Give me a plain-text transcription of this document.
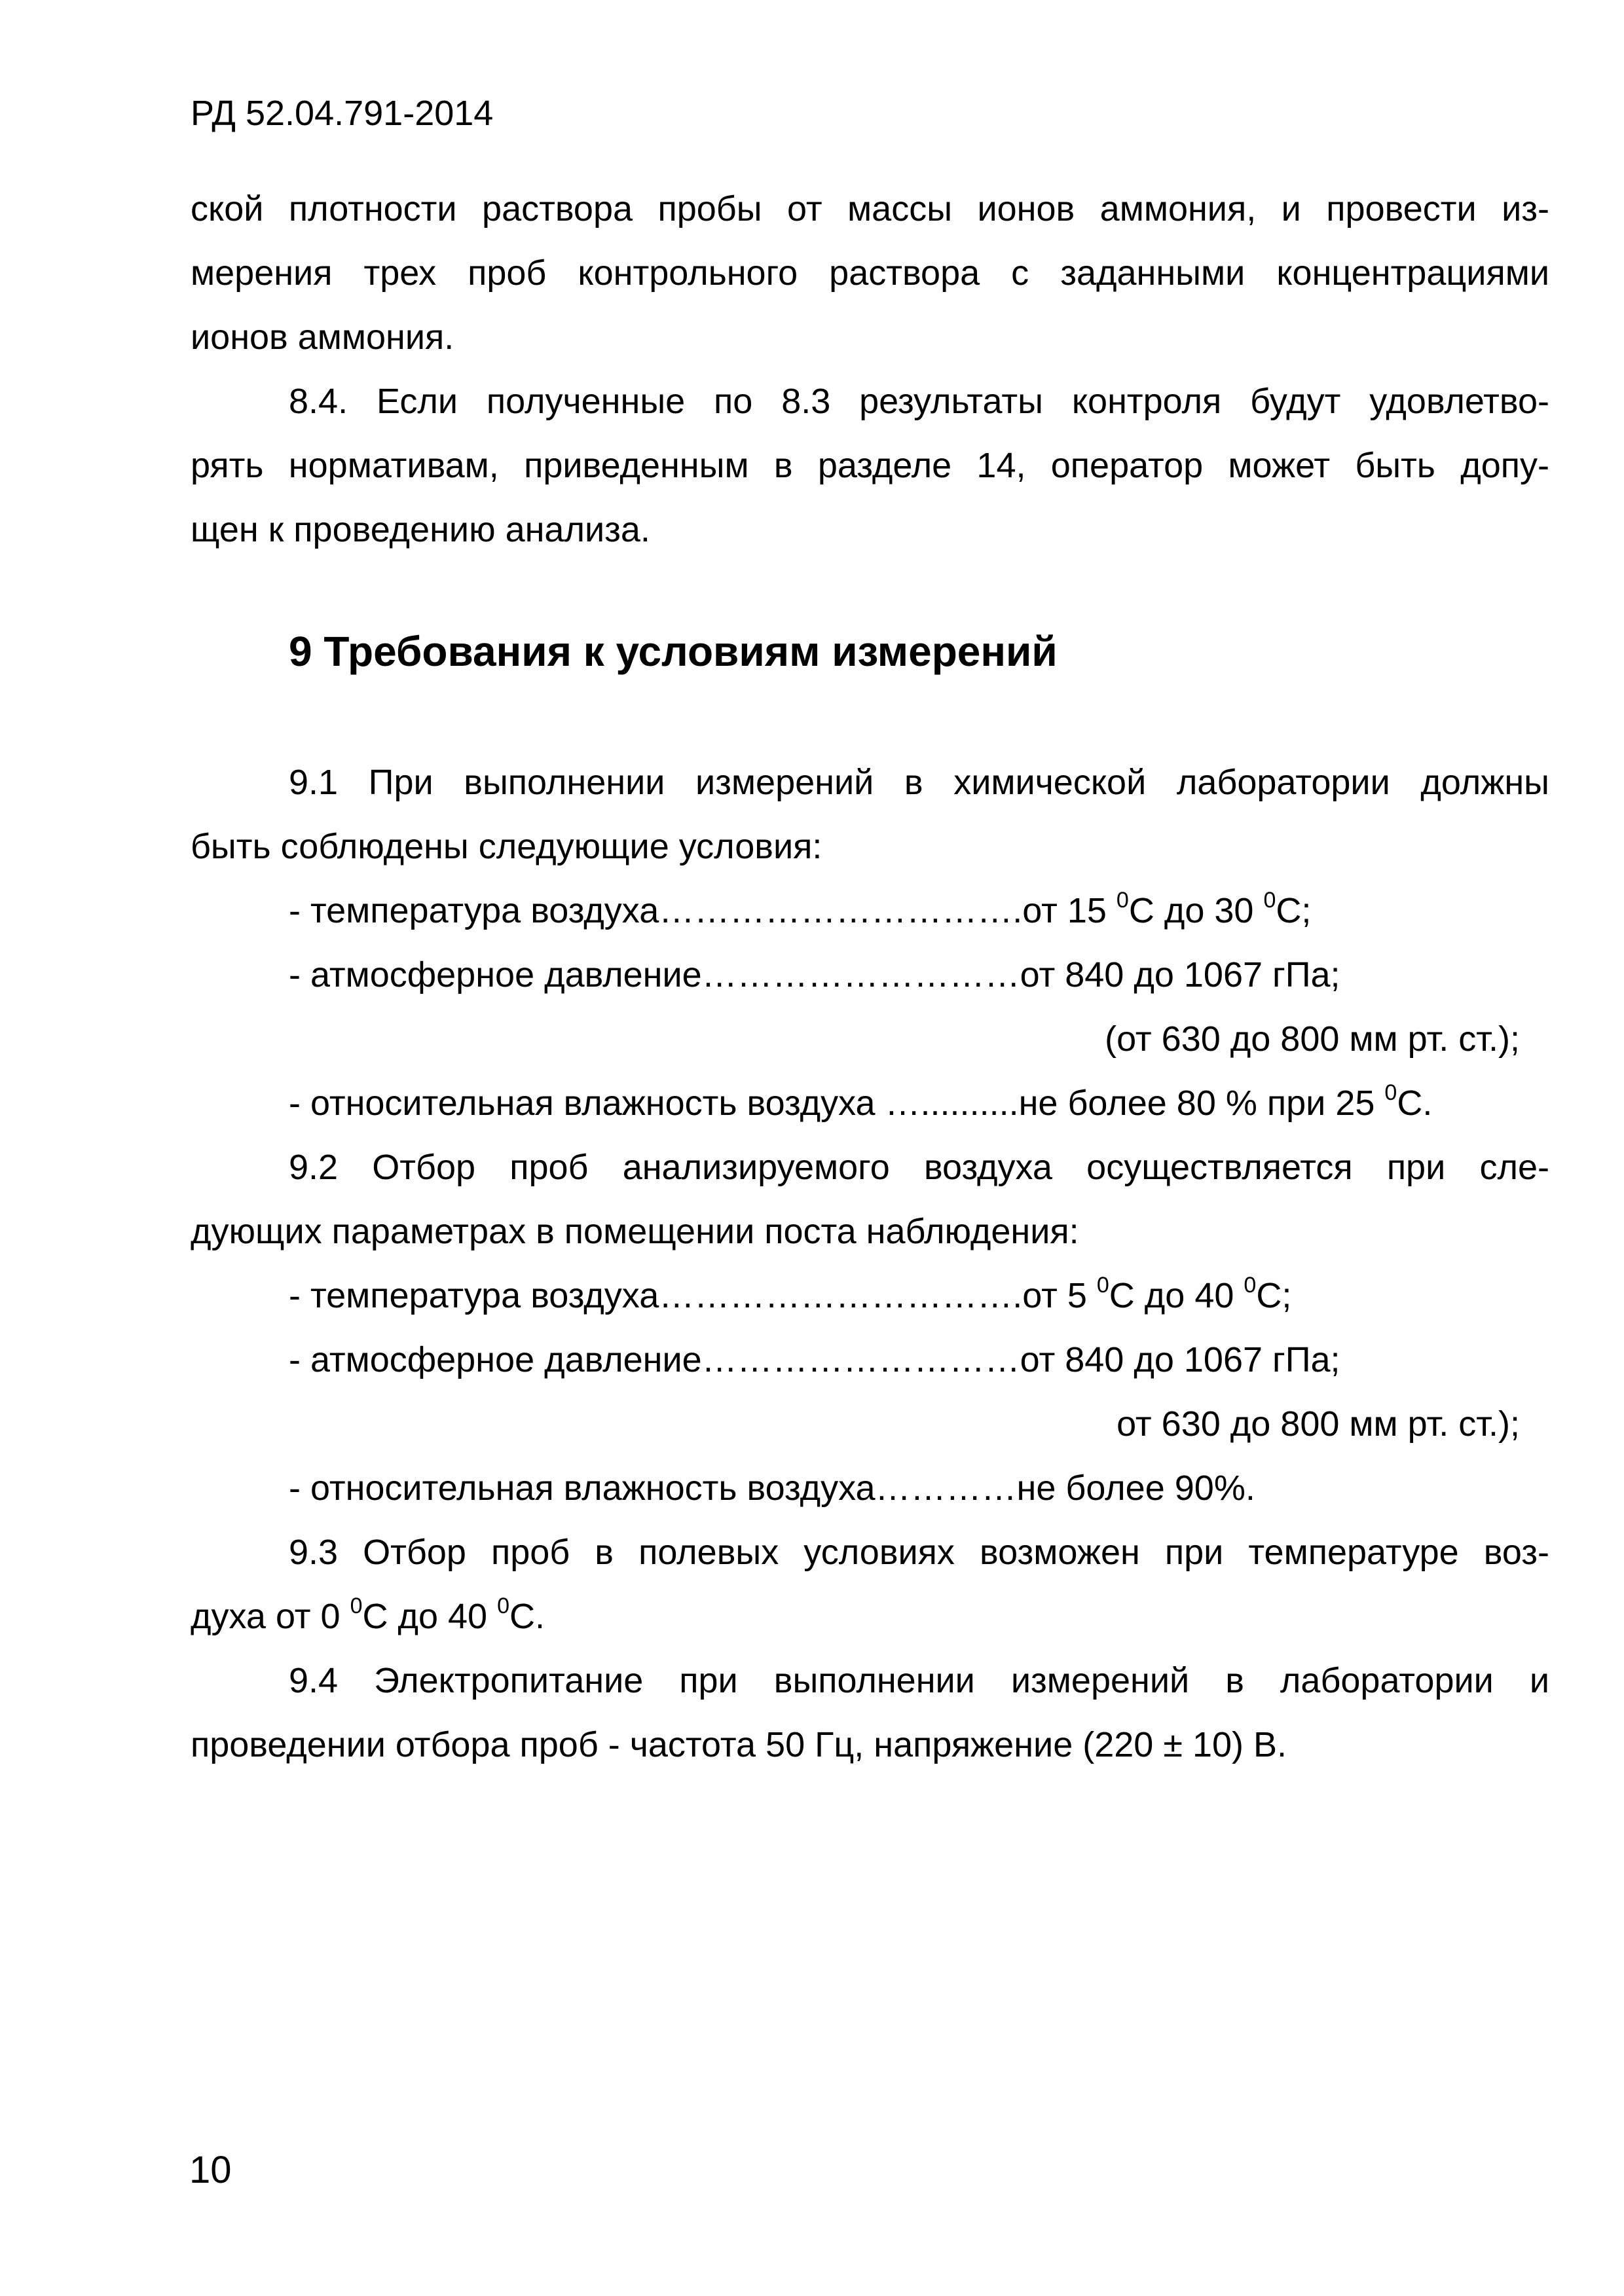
РД 52.04.791-2014
ской плотности раствора пробы от массы ионов аммония, и провести из-
мерения трех проб контрольного раствора с заданными концентрациями
ионов аммония.
8.4. Если полученные по 8.3 результаты контроля будут удовлетво-
рять нормативам, приведенным в разделе 14, оператор может быть допу-
щен к проведению анализа.
9 Требования к условиям измерений
9.1 При выполнении измерений в химической лаборатории должны
быть соблюдены следующие условия:
- температура воздуха………………………….от 15 $^0$С до 30 $^0$С;
- атмосферное давление………………………от 840 до 1067 гПа;
(от 630 до 800 мм рт. ст.);
- относительная влажность воздуха …..........не более 80 % при 25 $^0$С.
9.2 Отбор проб анализируемого воздуха осуществляется при сле-
дующих параметрах в помещении поста наблюдения:
- температура воздуха………………………….от 5 $^0$С до 40 $^0$С;
- атмосферное давление………………………от 840 до 1067 гПа;
от 630 до 800 мм рт. ст.);
- относительная влажность воздуха…………не более 90%.
9.3 Отбор проб в полевых условиях возможен при температуре воз-
духа от 0 $^0$С до 40 $^0$С.
9.4 Электропитание при выполнении измерений в лаборатории и
проведении отбора проб - частота 50 Гц, напряжение (220 ± 10) В.
10
